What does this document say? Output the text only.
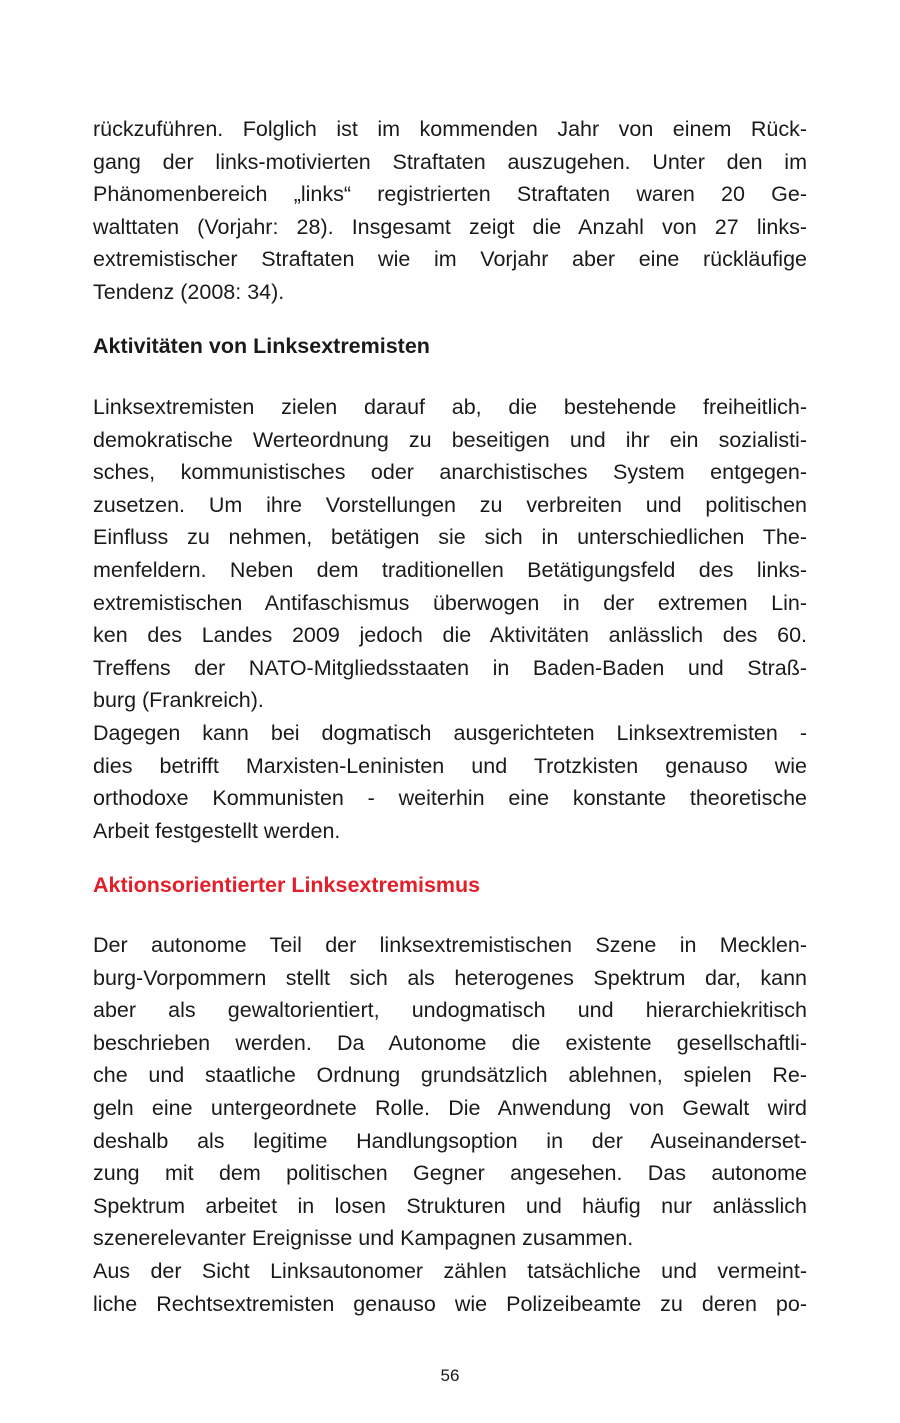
rückzuführen. Folglich ist im kommenden Jahr von einem Rück-
gang der links-motivierten Straftaten auszugehen. Unter den im
Phänomenbereich „links“ registrierten Straftaten waren 20 Ge-
walttaten (Vorjahr: 28). Insgesamt zeigt die Anzahl von 27 links-
extremistischer Straftaten wie im Vorjahr aber eine rückläufige
Tendenz (2008: 34).
Aktivitäten von Linksextremisten
Linksextremisten zielen darauf ab, die bestehende freiheitlich-
demokratische Werteordnung zu beseitigen und ihr ein sozialisti-
sches, kommunistisches oder anarchistisches System entgegen-
zusetzen. Um ihre Vorstellungen zu verbreiten und politischen
Einfluss zu nehmen, betätigen sie sich in unterschiedlichen The-
menfeldern. Neben dem traditionellen Betätigungsfeld des links-
extremistischen Antifaschismus überwogen in der extremen Lin-
ken des Landes 2009 jedoch die Aktivitäten anlässlich des 60.
Treffens der NATO-Mitgliedsstaaten in Baden-Baden und Straß-
burg (Frankreich).
Dagegen kann bei dogmatisch ausgerichteten Linksextremisten -
dies betrifft Marxisten-Leninisten und Trotzkisten genauso wie
orthodoxe Kommunisten - weiterhin eine konstante theoretische
Arbeit festgestellt werden.
Aktionsorientierter Linksextremismus
Der autonome Teil der linksextremistischen Szene in Mecklen-
burg-Vorpommern stellt sich als heterogenes Spektrum dar, kann
aber als gewaltorientiert, undogmatisch und hierarchiekritisch
beschrieben werden. Da Autonome die existente gesellschaftli-
che und staatliche Ordnung grundsätzlich ablehnen, spielen Re-
geln eine untergeordnete Rolle. Die Anwendung von Gewalt wird
deshalb als legitime Handlungsoption in der Auseinanderset-
zung mit dem politischen Gegner angesehen. Das autonome
Spektrum arbeitet in losen Strukturen und häufig nur anlässlich
szenerelevanter Ereignisse und Kampagnen zusammen.
Aus der Sicht Linksautonomer zählen tatsächliche und vermeint-
liche Rechtsextremisten genauso wie Polizeibeamte zu deren po-
56
